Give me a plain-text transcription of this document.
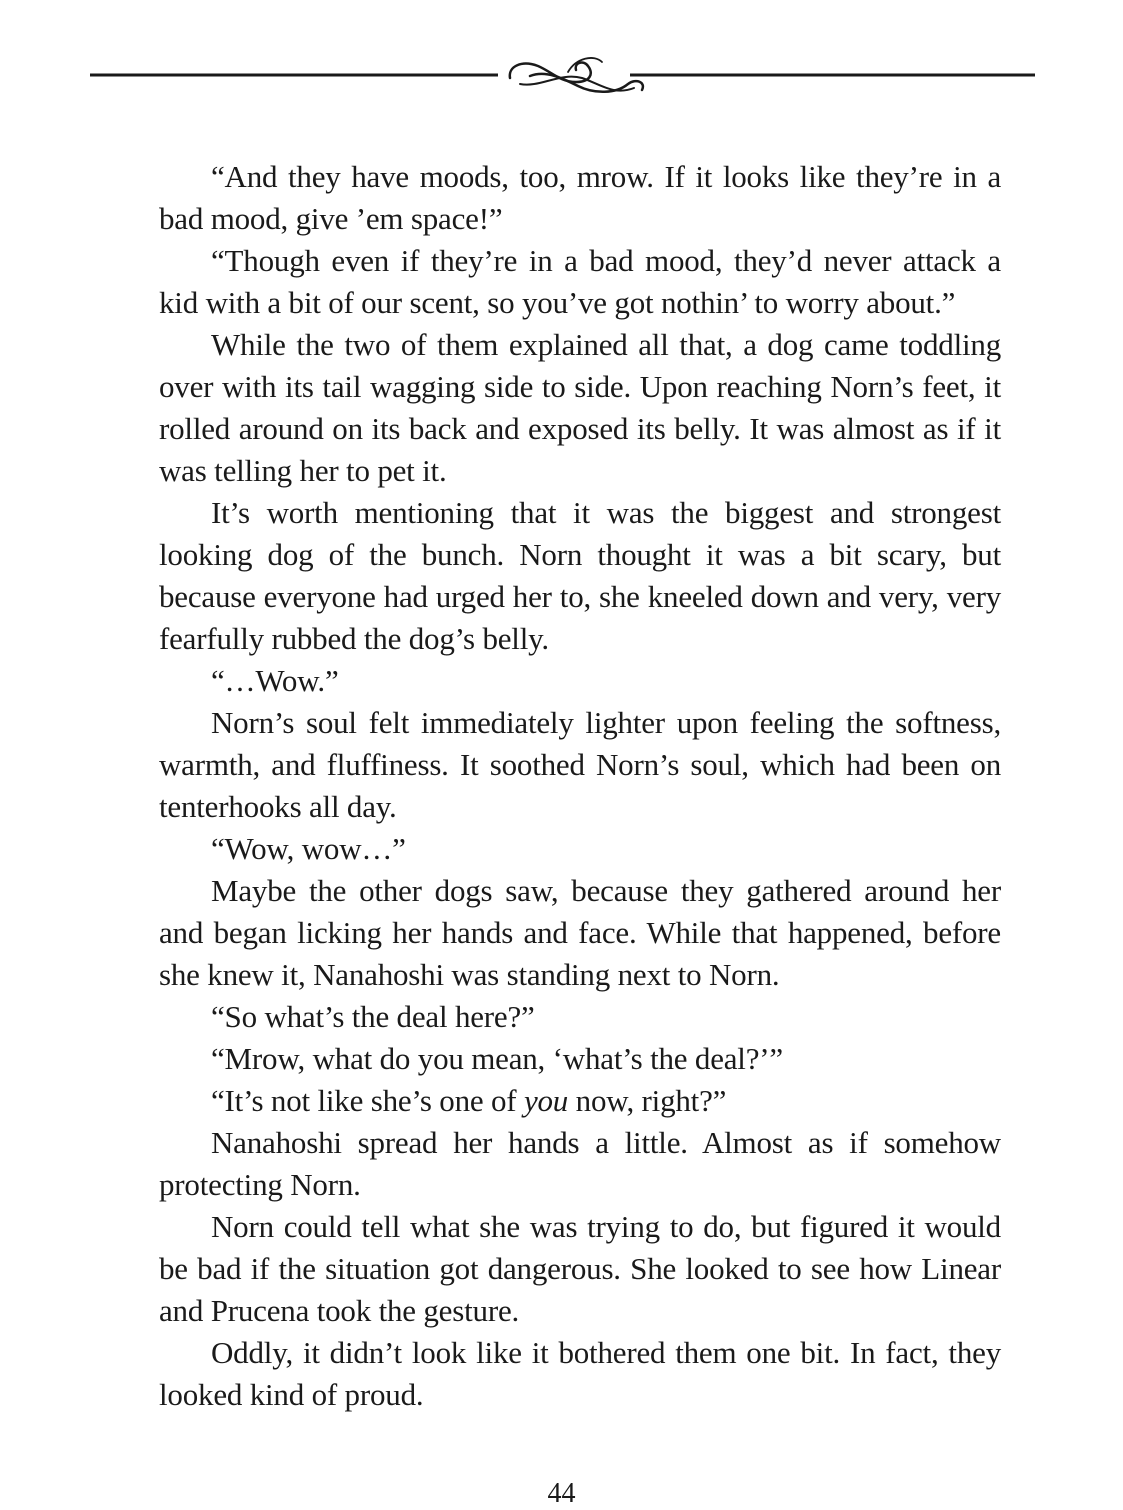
“And they have moods, too, mrow. If it looks like they’re in a bad mood, give ’em space!”

“Though even if they’re in a bad mood, they’d never attack a kid with a bit of our scent, so you’ve got nothin’ to worry about.”

While the two of them explained all that, a dog came toddling over with its tail wagging side to side. Upon reaching Norn’s feet, it rolled around on its back and exposed its belly. It was almost as if it was telling her to pet it.

It’s worth mentioning that it was the biggest and strongest looking dog of the bunch. Norn thought it was a bit scary, but because everyone had urged her to, she kneeled down and very, very fearfully rubbed the dog’s belly.

“…Wow.”

Norn’s soul felt immediately lighter upon feeling the softness, warmth, and fluffiness. It soothed Norn’s soul, which had been on tenterhooks all day.

“Wow, wow…”

Maybe the other dogs saw, because they gathered around her and began licking her hands and face. While that happened, before she knew it, Nanahoshi was standing next to Norn.

“So what’s the deal here?”

“Mrow, what do you mean, ‘what’s the deal?’”

“It’s not like she’s one of you now, right?”

Nanahoshi spread her hands a little. Almost as if somehow protecting Norn.

Norn could tell what she was trying to do, but figured it would be bad if the situation got dangerous. She looked to see how Linear and Prucena took the gesture.

Oddly, it didn’t look like it bothered them one bit. In fact, they looked kind of proud.

44
